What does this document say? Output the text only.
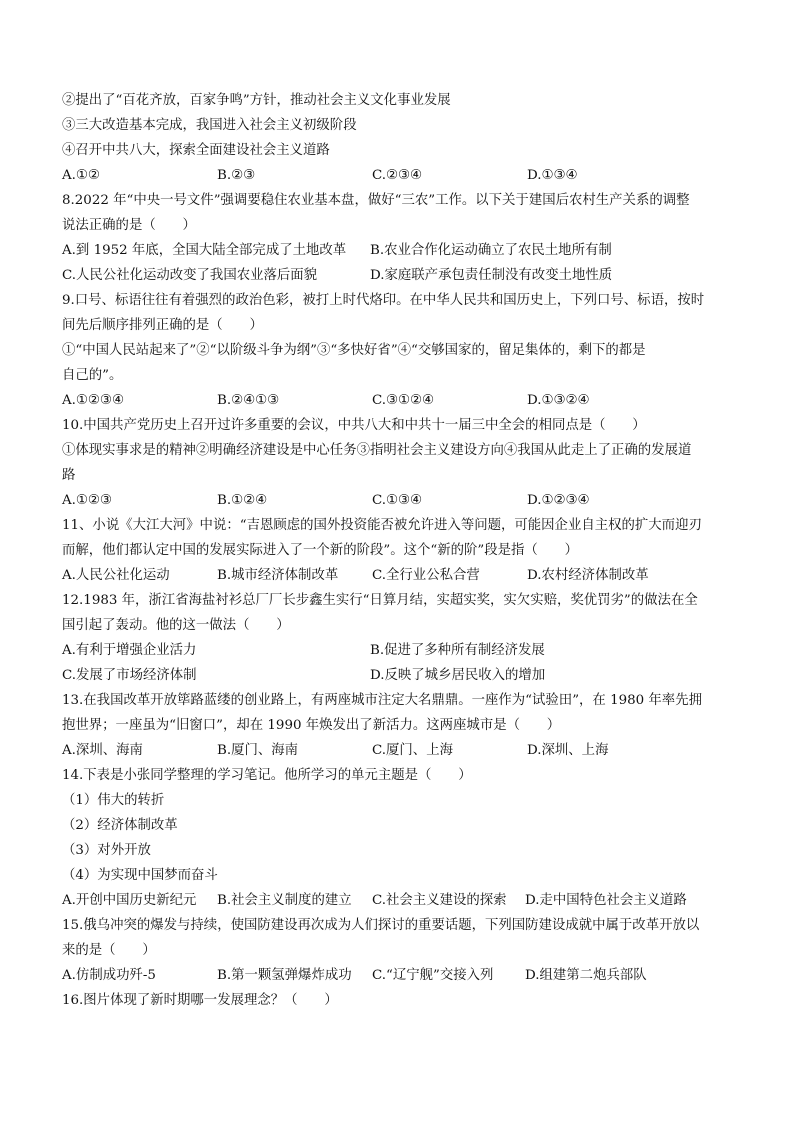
②提出了“百花齐放，百家争鸣”方针，推动社会主义文化事业发展
③三大改造基本完成，我国进入社会主义初级阶段
④召开中共八大，探索全面建设社会主义道路
A.①②	B.②③	C.②③④	D.①③④
8.2022 年“中央一号文件”强调要稳住农业基本盘，做好“三农”工作。以下关于建国后农村生产关系的调整
说法正确的是（　　）
A.到 1952 年底，全国大陆全部完成了土地改革	B.农业合作化运动确立了农民土地所有制
C.人民公社化运动改变了我国农业落后面貌	D.家庭联产承包责任制没有改变土地性质
9.口号、标语往往有着强烈的政治色彩，被打上时代烙印。在中华人民共和国历史上，下列口号、标语，按时
间先后顺序排列正确的是（　　）
①“中国人民站起来了”②“以阶级斗争为纲”③“多快好省”④“交够国家的，留足集体的，剩下的都是
自己的”。
A.①②③④	B.②④①③	C.③①②④	D.①③②④
10.中国共产党历史上召开过许多重要的会议，中共八大和中共十一届三中全会的相同点是（　　）
①体现实事求是的精神②明确经济建设是中心任务③指明社会主义建设方向④我国从此走上了正确的发展道
路
A.①②③	B.①②④	C.①③④	D.①②③④
11、小说《大江大河》中说：“吉恩顾虑的国外投资能否被允许进入等问题，可能因企业自主权的扩大而迎刃
而解，他们都认定中国的发展实际进入了一个新的阶段”。这个“新的阶”段是指（　　）
A.人民公社化运动	B.城市经济体制改革	C.全行业公私合营	D.农村经济体制改革
12.1983 年，浙江省海盐衬衫总厂厂长步鑫生实行“日算月结，实超实奖，实欠实赔，奖优罚劣”的做法在全
国引起了轰动。他的这一做法（　　）
A.有利于增强企业活力	B.促进了多种所有制经济发展
C.发展了市场经济体制	D.反映了城乡居民收入的增加
13.在我国改革开放筚路蓝缕的创业路上，有两座城市注定大名鼎鼎。一座作为“试验田”，在 1980 年率先拥
抱世界；一座虽为“旧窗口”，却在 1990 年焕发出了新活力。这两座城市是（　　）
A.深圳、海南	B.厦门、海南	C.厦门、上海	D.深圳、上海
14.下表是小张同学整理的学习笔记。他所学习的单元主题是（　　）
（1）伟大的转折
（2）经济体制改革
（3）对外开放
（4）为实现中国梦而奋斗
A.开创中国历史新纪元	B.社会主义制度的建立	C.社会主义建设的探索	D.走中国特色社会主义道路
15.俄乌冲突的爆发与持续，使国防建设再次成为人们探讨的重要话题，下列国防建设成就中属于改革开放以
来的是（　　）
A.仿制成功歼-5	B.第一颗氢弹爆炸成功	C.“辽宁舰”交接入列	D.组建第二炮兵部队
16.图片体现了新时期哪一发展理念？（　　）
